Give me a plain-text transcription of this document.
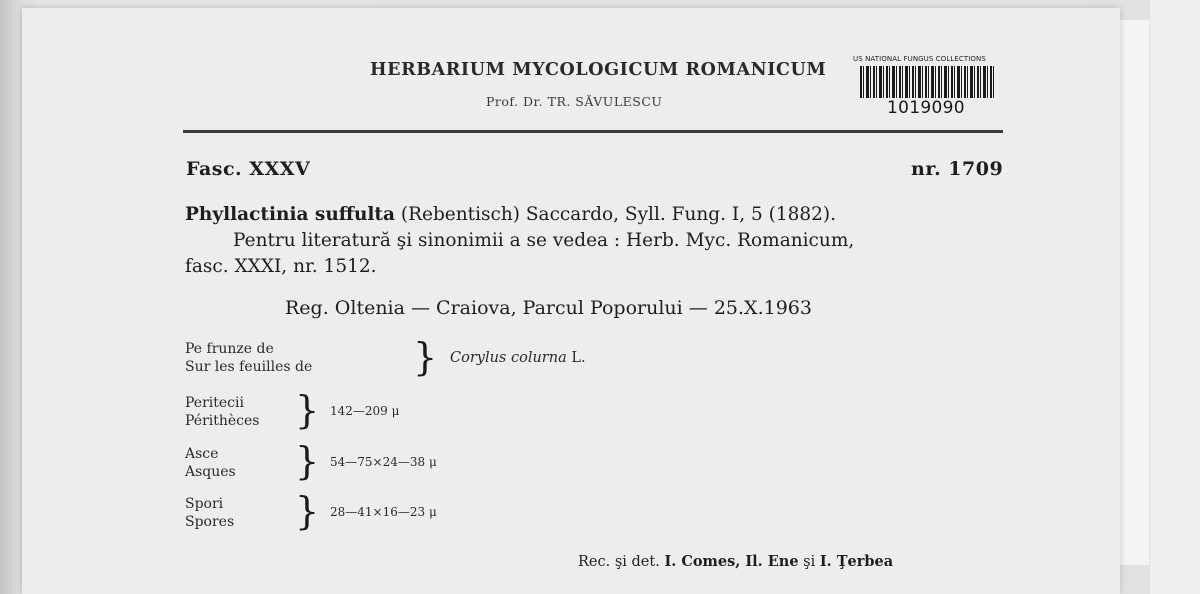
HERBARIUM MYCOLOGICUM ROMANICUM
Prof. Dr. TR. SĂVULESCU
US NATIONAL FUNGUS COLLECTIONS
1019090
Fasc. XXXV	nr. 1709
Phyllactinia suffulta (Rebentisch) Saccardo, Syll. Fung. I, 5 (1882).
Pentru literatură şi sinonimii a se vedea : Herb. Myc. Romanicum,
fasc. XXXI, nr. 1512.
Reg. Oltenia — Craiova, Parcul Poporului — 25.X.1963
Pe frunze de
Sur les feuilles de	} Corylus colurna L.
Peritecii
Périthèces } 142—209 μ
Asce
Asques } 54—75×24—38 μ
Spori
Spores } 28—41×16—23 μ
Rec. şi det. I. Comes, Il. Ene şi I. Ţerbea
